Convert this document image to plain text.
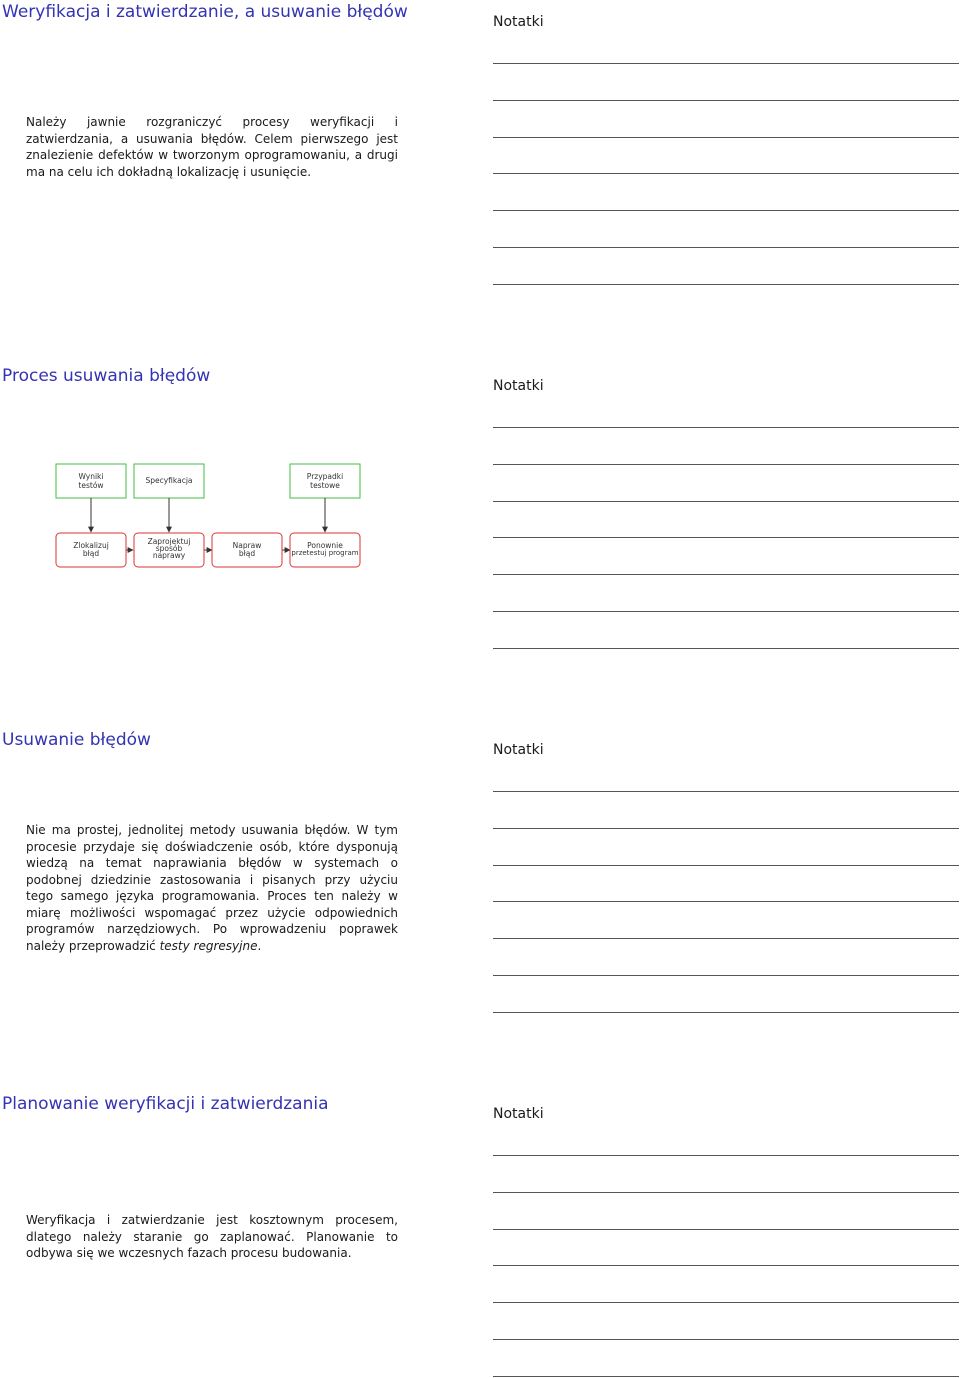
Weryfikacja i zatwierdzanie, a usuwanie błędów	Notatki

Należy jawnie rozgraniczyć procesy weryfikacji i zatwierdzania, a usuwania błędów. Celem pierwszego jest znalezienie defektów w tworzonym oprogramowaniu, a drugi ma na celu ich dokładną lokalizację i usunięcie.

Proces usuwania błędów	Notatki
Wyniki
testów
Specyfikacja	Przypadki
testowe
Zlokalizuj
błąd
Zaprojektuj
sposób
naprawy
Napraw
błąd
Ponownie
przetestuj program
Usuwanie błędów	Notatki

Nie ma prostej, jednolitej metody usuwania błędów. W tym procesie przydaje się doświadczenie osób, które dysponują wiedzą na temat naprawiania błędów w systemach o podobnej dziedzinie zastosowania i pisanych przy użyciu tego samego języka programowania. Proces ten należy w miarę możliwości wspomagać przez użycie odpowiednich programów narzędziowych. Po wprowadzeniu poprawek należy przeprowadzić testy regresyjne.

Planowanie weryfikacji i zatwierdzania	Notatki

Weryfikacja i zatwierdzanie jest kosztownym procesem, dlatego należy staranie go zaplanować. Planowanie to odbywa się we wczesnych fazach procesu budowania.
